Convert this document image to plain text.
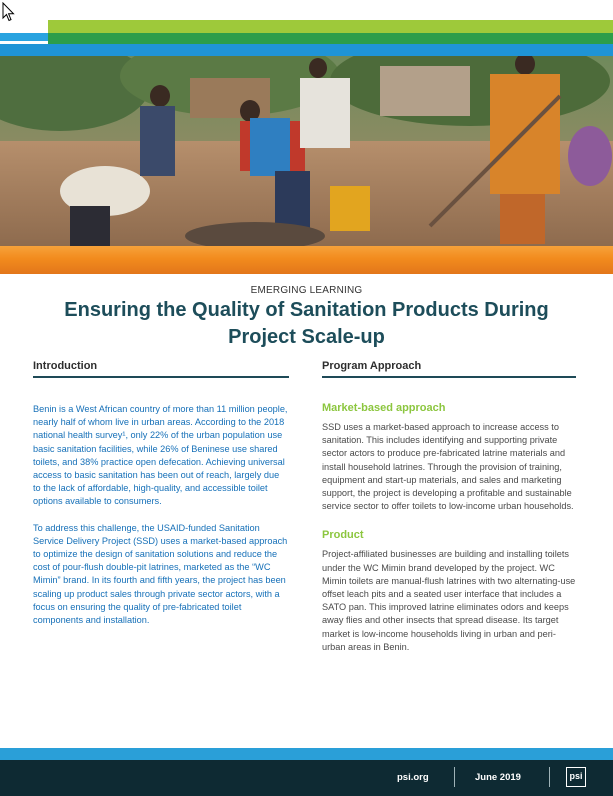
EMERGING LEARNING
Ensuring the Quality of Sanitation Products During Project Scale-up
Introduction

Benin is a West African country of more than 11 million people, nearly half of whom live in urban areas. According to the 2018 national health survey¹, only 22% of the urban population use basic sanitation facilities, while 26% of Beninese use shared toilets, and 38% practice open defecation. Achieving universal access to basic sanitation has been out of reach, largely due to the lack of affordable, high-quality, and accessible toilet options available to consumers.

To address this challenge, the USAID-funded Sanitation Service Delivery Project (SSD) uses a market-based approach to optimize the design of sanitation solutions and reduce the cost of pour-flush double-pit latrines, marketed as the “WC Mimin” brand. In its fourth and fifth years, the project has been scaling up product sales through private sector actors, with a focus on ensuring the quality of pre-fabricated toilet components and installation.

Program Approach
Market-based approach

SSD uses a market-based approach to increase access to sanitation. This includes identifying and supporting private sector actors to produce pre-fabricated latrine materials and install household latrines. Through the provision of training, equipment and start-up materials, and sales and marketing support, the project is developing a profitable and sustainable service sector to offer toilets to low-income urban households.

Product

Project-affiliated businesses are building and installing toilets under the WC Mimin brand developed by the project. WC Mimin toilets are manual-flush latrines with two alternating-use offset leach pits and a seated user interface that includes a SATO pan. This improved latrine eliminates odors and keeps away flies and other insects that spread disease. Its target market is low-income households living in urban and peri-urban areas in Benin.

psi.org	June 2019	psi
